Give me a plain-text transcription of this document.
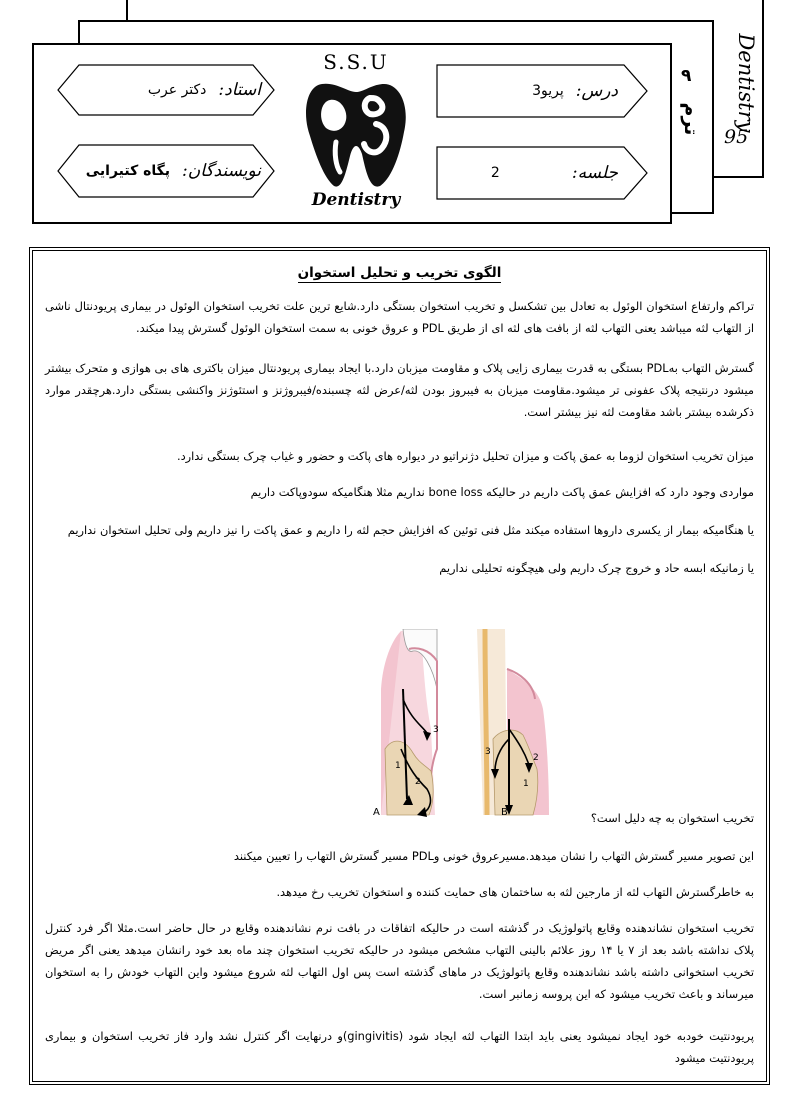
Dentistry
95
۹
ترم
استاد:
دکتر عرب
نویسندگان:
پگاه کتیرایی
درس:
پریو3
جلسه:
2
S.S.U
Dentistry
الگوی تخریب و تحلیل استخوان
تراکم وارتفاع استخوان الوئول به تعادل بین تشکسل و تخریب استخوان بستگی دارد.شایع ترین علت تخریب استخوان الوئول در بیماری پریودنتال ناشی از التهاب لثه میباشد یعنی التهاب لثه از بافت های لثه ای از طریق PDL و عروق خونی به سمت استخوان الوئول گسترش پیدا میکند.
گسترش التهاب بهPDL بستگی به قدرت بیماری زایی پلاک و مقاومت میزبان دارد.با ایجاد بیماری پریودنتال میزان باکتری های بی هوازی و متحرک بیشتر میشود درنتیجه پلاک عفونی تر میشود.مقاومت میزبان به فیبروز بودن لثه/عرض لثه چسبنده/فیبروژنز و استئوژنز واکنشی بستگی دارد.هرچقدر موارد ذکرشده بیشتر باشد مقاومت لثه نیز بیشتر است.
میزان تخریب استخوان لزوما به عمق پاکت و میزان تحلیل دژنراتیو در دیواره های پاکت و حضور و غیاب چرک بستگی ندارد.
مواردی وجود دارد که افزایش عمق پاکت داریم در حالیکه bone loss نداریم مثلا هنگامیکه سودوپاکت داریم
یا هنگامیکه بیمار از یکسری داروها استفاده میکند مثل فنی توئین که افزایش حجم لثه را داریم و عمق پاکت را نیز داریم ولی تحلیل استخوان نداریم
یا زمانیکه ابسه حاد و خروج چرک داریم ولی هیچگونه تحلیلی نداریم
A	B
1
2
3
1
2
3
تخریب استخوان به چه دلیل است؟
این تصویر مسیر گسترش التهاب را نشان میدهد.مسیرعروق خونی وPDL مسیر گسترش التهاب را تعیین میکنند
به خاطرگسترش التهاب لثه از مارجین لثه به ساختمان های حمایت کننده و استخوان تخریب رخ میدهد.
تخریب استخوان نشاندهنده وقایع پاتولوژیک در گذشته است در حالیکه اتفاقات در بافت نرم نشاندهنده وقایع در حال حاضر است.مثلا اگر فرد کنترل پلاک نداشته باشد بعد از ۷ یا ۱۴ روز علائم بالینی التهاب مشخص میشود در حالیکه تخریب استخوان چند ماه بعد خود رانشان میدهد یعنی اگر مریض تخریب استخوانی داشته باشد نشاندهنده وقایع پاتولوژیک در ماهای گذشته است پس اول التهاب لثه شروع میشود واین التهاب خودش را به استخوان میرساند و باعث تخریب میشود که این پروسه زمانبر است.
پریودنتیت خودبه خود ایجاد نمیشود یعنی باید ابتدا التهاب لثه ایجاد شود (gingivitis)و درنهایت اگر کنترل نشد وارد فاز تخریب استخوان و بیماری پریودنتیت میشود
